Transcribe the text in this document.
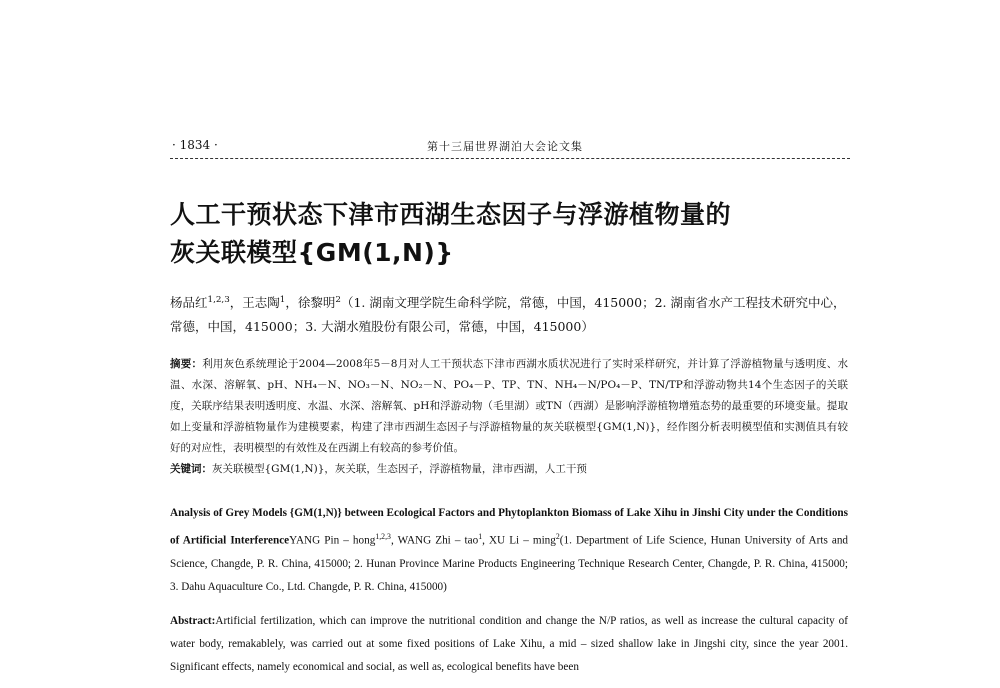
· 1834 ·	第十三届世界湖泊大会论文集
人工干预状态下津市西湖生态因子与浮游植物量的
灰关联模型{GM(1,N)}
杨品红$^{1,2,3}$，王志陶$^1$，徐黎明$^2$（1. 湖南文理学院生命科学院，常德，中国，415000；2. 湖南省水产工程技术研究中心，常德，中国，415000；3. 大湖水殖股份有限公司，常德，中国，415000）
摘要：利用灰色系统理论于2004—2008年5－8月对人工干预状态下津市西湖水质状况进行了实时采样研究，并计算了浮游植物量与透明度、水温、水深、溶解氧、pH、NH₄－N、NO₃－N、NO₂－N、PO₄－P、TP、TN、NH₄－N/PO₄－P、TN/TP和浮游动物共14个生态因子的关联度，关联序结果表明透明度、水温、水深、溶解氧、pH和浮游动物（毛里湖）或TN（西湖）是影响浮游植物增殖态势的最重要的环境变量。提取如上变量和浮游植物量作为建模要素，构建了津市西湖生态因子与浮游植物量的灰关联模型{GM(1,N)}，经作图分析表明模型值和实测值具有较好的对应性，表明模型的有效性及在西湖上有较高的参考价值。
关键词：灰关联模型{GM(1,N)}，灰关联，生态因子，浮游植物量，津市西湖，人工干预
Analysis of Grey Models {GM(1,N)} between Ecological Factors and Phytoplankton Biomass of Lake Xihu in Jinshi City under the Conditions of Artificial InterferenceYANG Pin – hong$^{1,2,3}$, WANG Zhi – tao$^1$, XU Li – ming$^2$(1. Department of Life Science, Hunan University of Arts and Science, Changde, P. R. China, 415000; 2. Hunan Province Marine Products Engineering Technique Research Center, Changde, P. R. China, 415000; 3. Dahu Aquaculture Co., Ltd. Changde, P. R. China, 415000)
Abstract:Artificial fertilization, which can improve the nutritional condition and change the N/P ratios, as well as increase the cultural capacity of water body, remakablely, was carried out at some fixed positions of Lake Xihu, a mid – sized shallow lake in Jingshi city, since the year 2001. Significant effects, namely economical and social, as well as, ecological benefits have been
